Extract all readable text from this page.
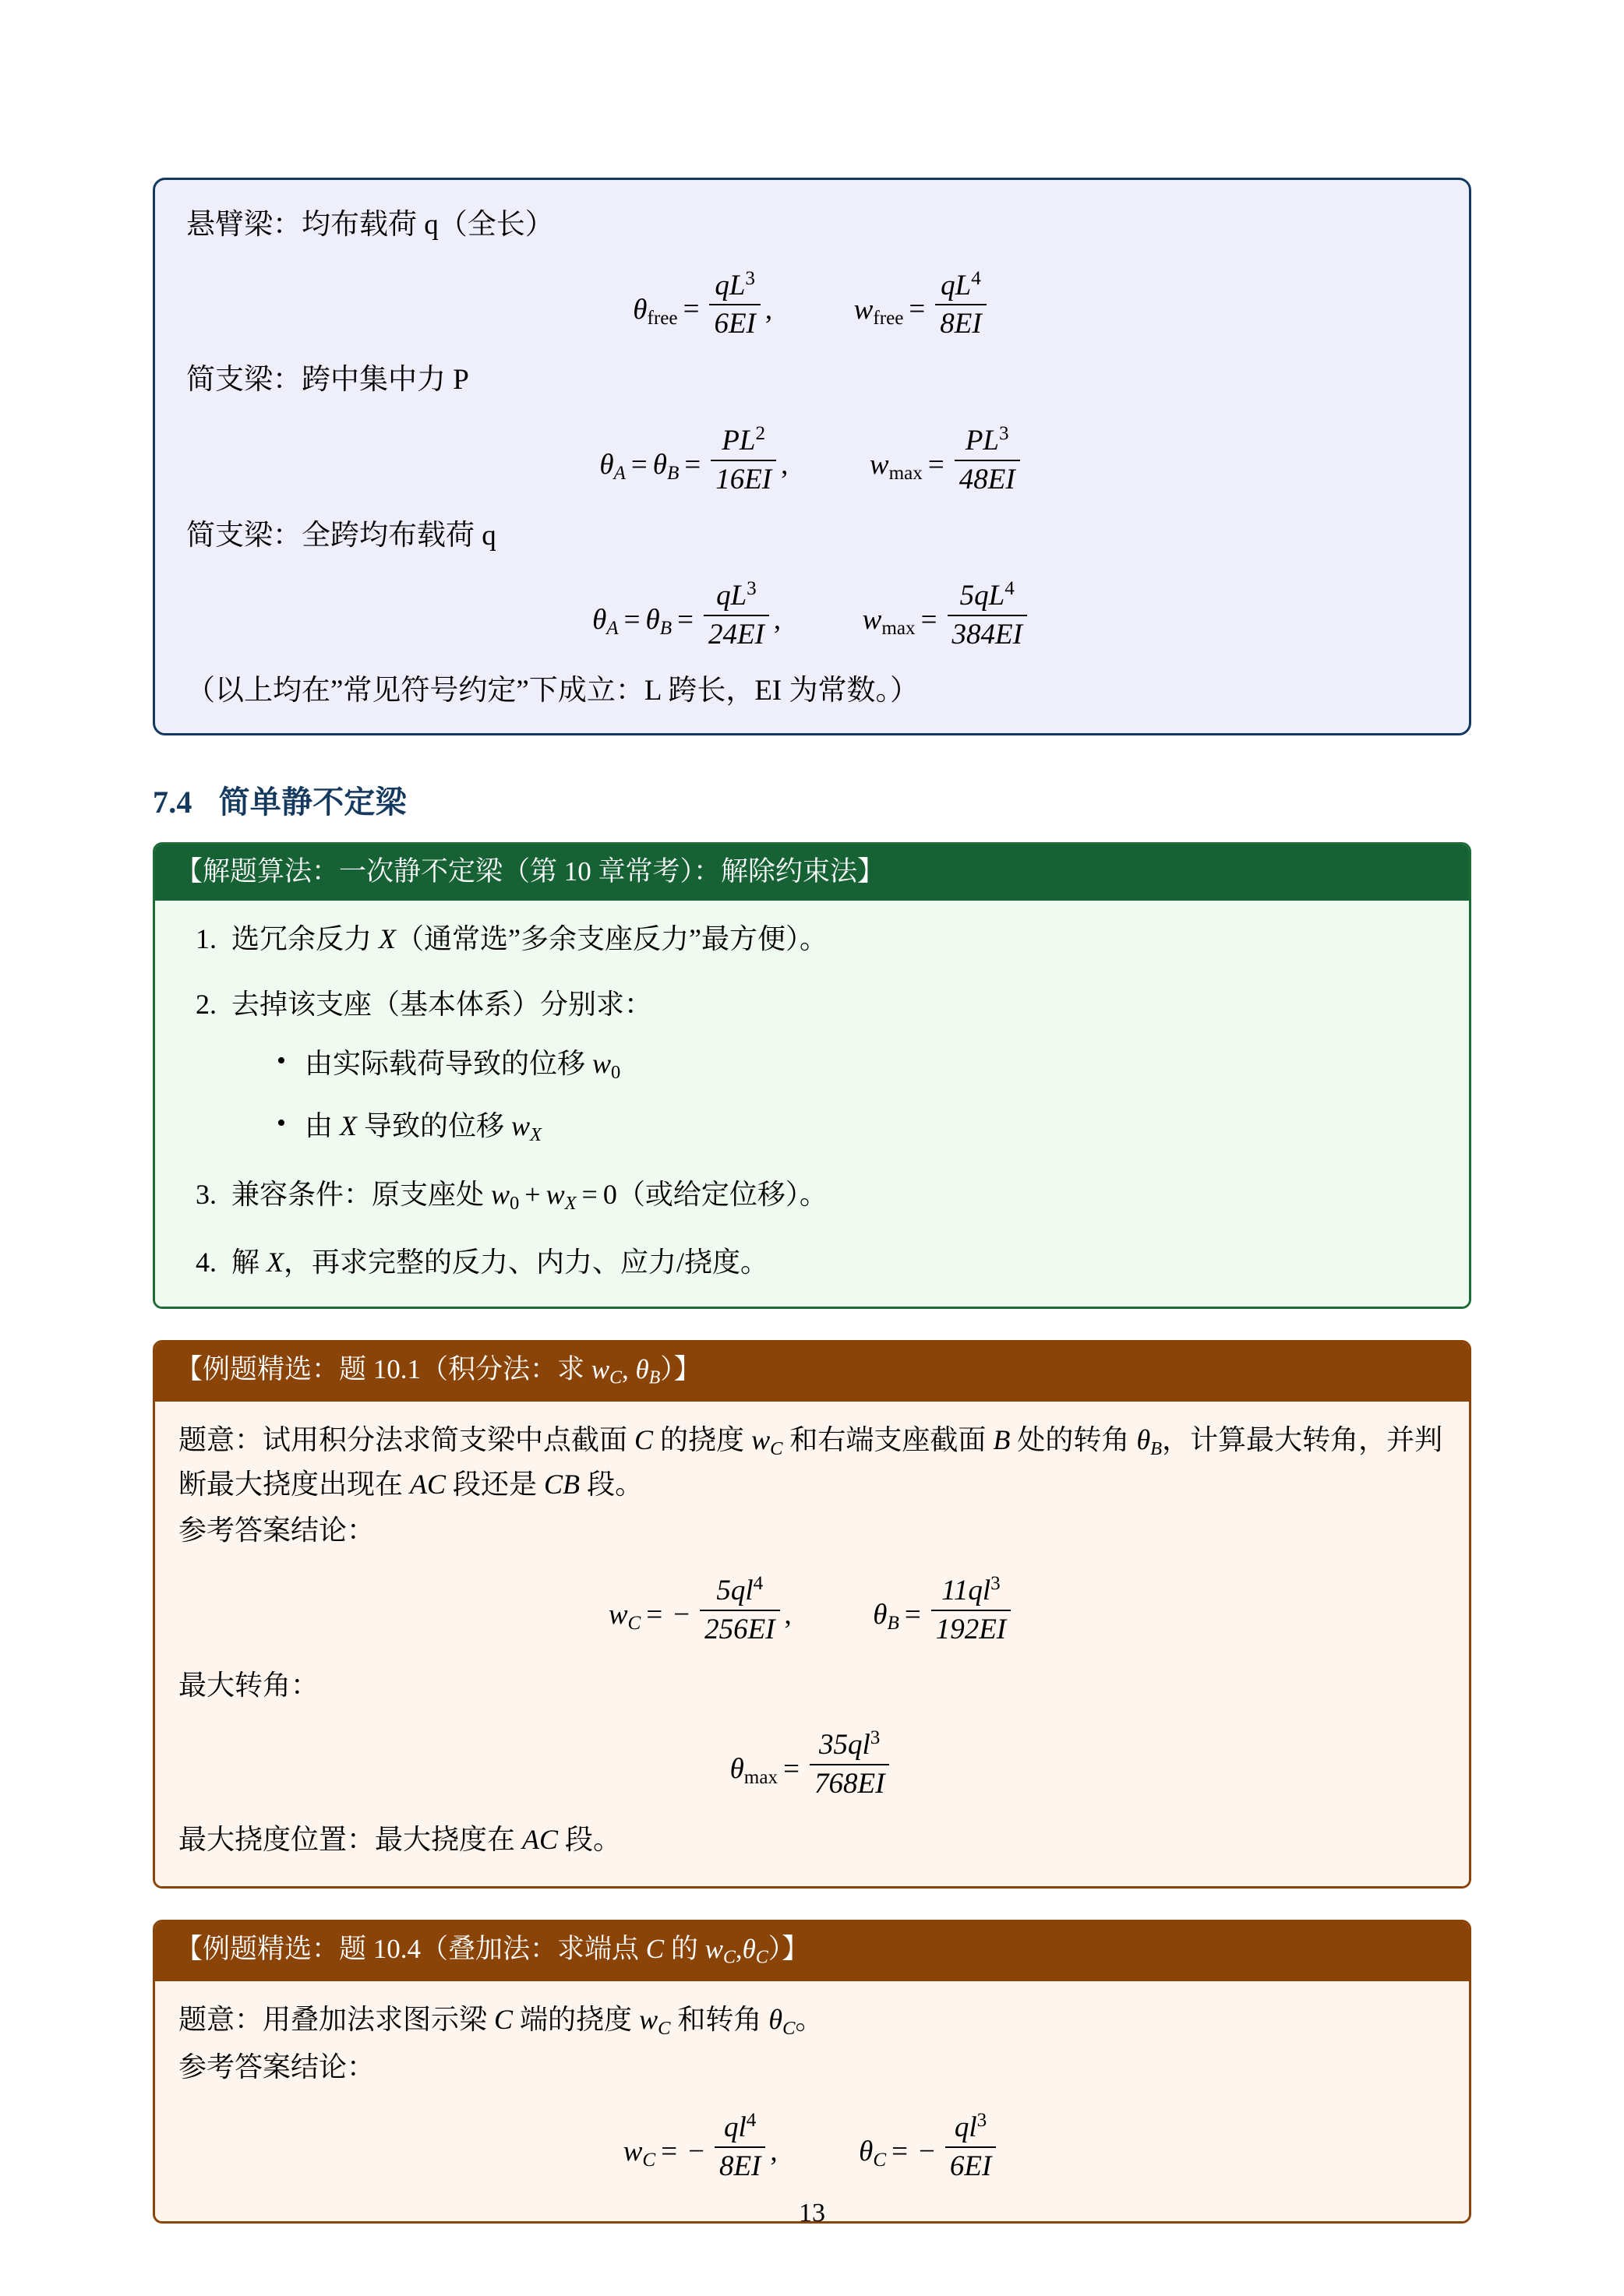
悬臂梁：均布载荷 q（全长）

θfree = $\frac{qL^3}{6EI}$ ,	wfree = $\frac{qL^4}{8EI}$

简支梁：跨中集中力 P

$\theta_A = \theta_B = \frac{PL^2}{16EI}$ ,	$wmax = \frac{PL^3}{48EI}$

简支梁：全跨均布载荷 q

$\theta_A = \theta_B = \frac{qL^3}{24EI}$ ,	$wmax = \frac{5qL^4}{384EI}$

（以上均在”常见符号约定”下成立：L 跨长，EI 为常数。）

7.4 简单静不定梁
【解题算法：一次静不定梁（第 10 章常考）：解除约束法】
1. 选冗余反力 X（通常选”多余支座反力”最方便）。
2. 去掉该支座（基本体系）分别求：
• 由实际载荷导致的位移 w0
• 由 X 导致的位移 $w_X$
3. 兼容条件：原支座处 $w0 + w_X = 0$（或给定位移）。
4. 解 X，再求完整的反力、内力、应力/挠度。
【例题精选：题 10.1（积分法：求 $w_C$, $\theta_B$）】

题意：试用积分法求简支梁中点截面 C 的挠度 $w_C$ 和右端支座截面 B 处的转角 $\theta_B$，计算最大转角，并判断最大挠度出现在 AC 段还是 CB 段。

参考答案结论：

$w_C$ = − $\frac{5ql^4}{256EI}$ ,	$\theta_B = \frac{11ql^3}{192EI}$

最大转角：

$\theta\max = \frac{35ql^3}{768EI}$

最大挠度位置：最大挠度在 AC 段。

【例题精选：题 10.4（叠加法：求端点 C 的 $w_C,\theta_C$）】

题意：用叠加法求图示梁 C 端的挠度 $w_C$ 和转角 $\theta_C$。

参考答案结论：

$w_C$ = − $\frac{ql^4}{8EI}$ ,	$\theta_C$ = − $\frac{ql^3}{6EI}$
13
